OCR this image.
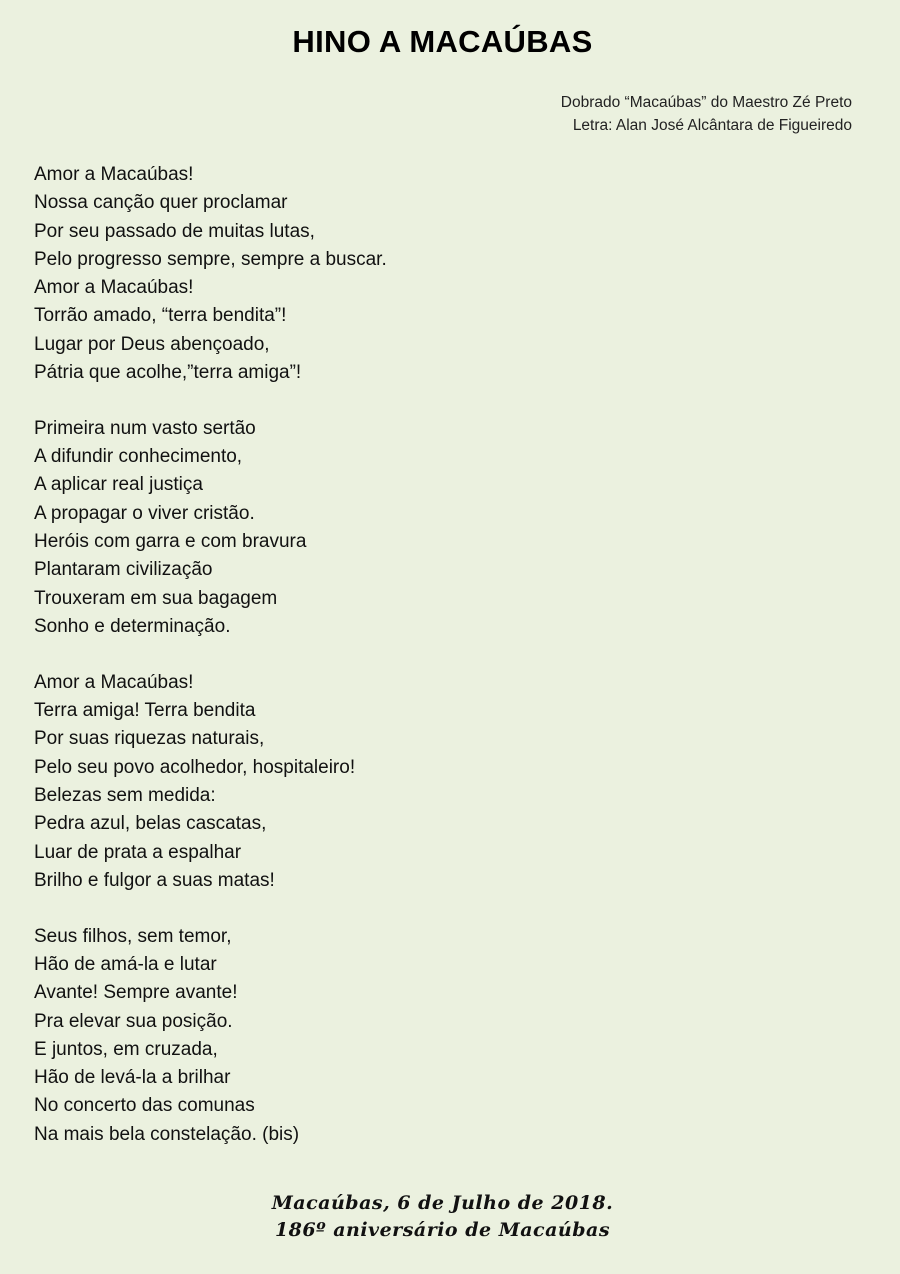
HINO A MACAÚBAS
Dobrado “Macaúbas” do Maestro Zé Preto
Letra: Alan José Alcântara de Figueiredo
Amor a Macaúbas!
Nossa canção quer proclamar
Por seu passado de muitas lutas,
Pelo progresso sempre, sempre a buscar.
Amor a Macaúbas!
Torrão amado, “terra bendita”!
Lugar por Deus abençoado,
Pátria que acolhe,”terra amiga”!
Primeira num vasto sertão
A difundir conhecimento,
A aplicar real justiça
A propagar o viver cristão.
Heróis com garra e com bravura
Plantaram civilização
Trouxeram em sua bagagem
Sonho e determinação.
Amor a Macaúbas!
Terra amiga! Terra bendita
Por suas riquezas naturais,
Pelo seu povo acolhedor, hospitaleiro!
Belezas sem medida:
Pedra azul, belas cascatas,
Luar de prata a espalhar
Brilho e fulgor a suas matas!
Seus filhos, sem temor,
Hão de amá-la e lutar
Avante! Sempre avante!
Pra elevar sua posição.
E juntos, em cruzada,
Hão de levá-la a brilhar
No concerto das comunas
Na mais bela constelação. (bis)
Macaúbas, 6 de Julho de 2018.
186º aniversário de Macaúbas
